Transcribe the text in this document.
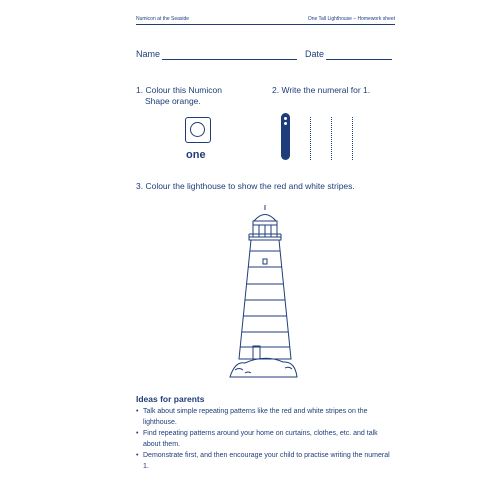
Numicon at the Seaside	One Tall Lighthouse – Homework sheet
Name	Date
1. Colour this Numicon
Shape orange.
one
2. Write the numeral for 1.
3. Colour the lighthouse to show the red and white stripes.
Ideas for parents
• Talk about simple repeating patterns like the red and white stripes on the lighthouse.
• Find repeating patterns around your home on curtains, clothes, etc. and talk about them.
• Demonstrate first, and then encourage your child to practise writing the numeral 1.
